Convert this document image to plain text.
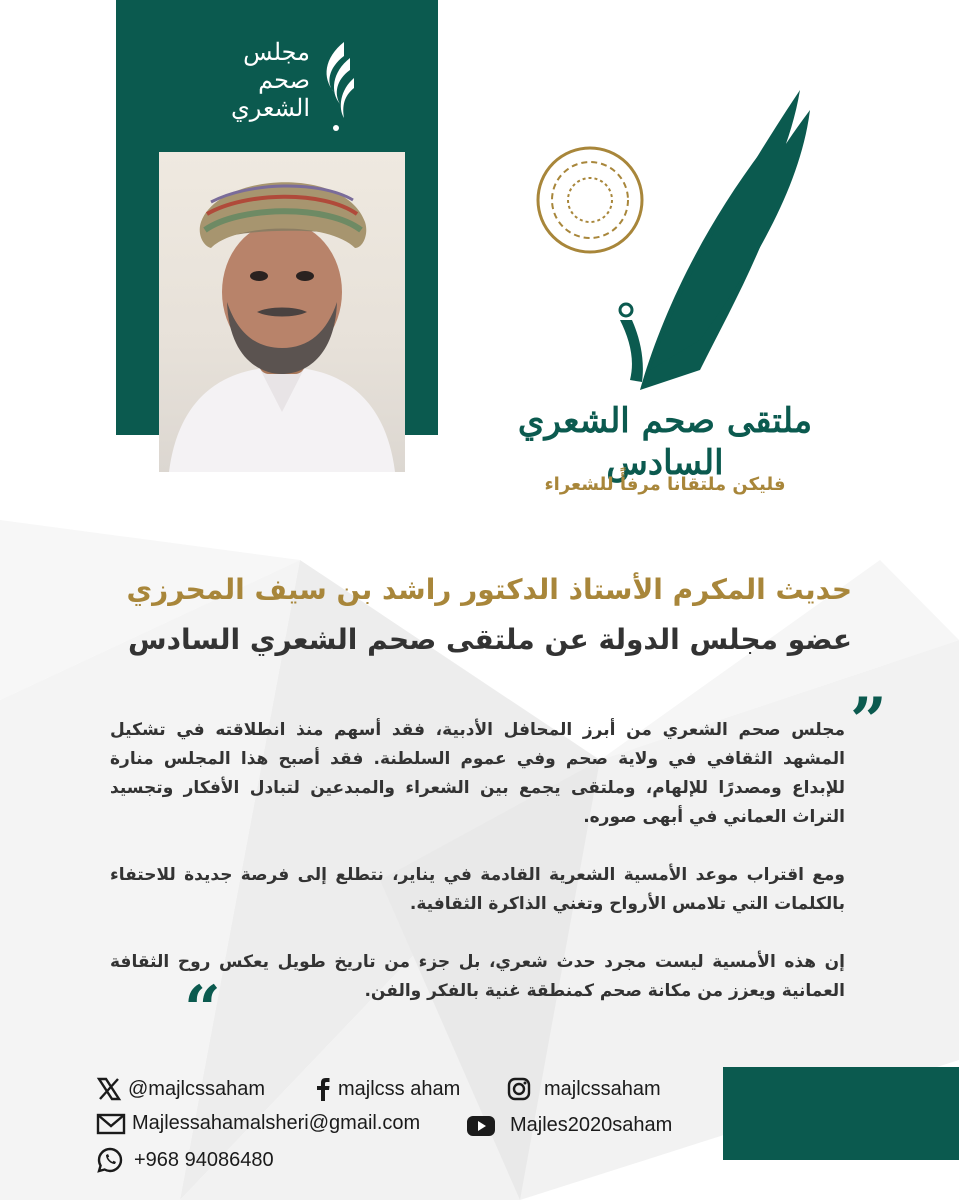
مجلس
صحم
الشعري
ملتقى صحم الشعري السادس
فليكن ملتقانا مرفأً للشعراء
حديث المكرم الأستاذ الدكتور راشد بن سيف المحرزي
عضو مجلس الدولة عن ملتقى صحم الشعري السادس
”

مجلس صحم الشعري من أبرز المحافل الأدبية، فقد أسهم منذ انطلاقته في تشكيل المشهد الثقافي في ولاية صحم وفي عموم السلطنة. فقد أصبح هذا المجلس منارة للإبداع ومصدرًا للإلهام، وملتقى يجمع بين الشعراء والمبدعين لتبادل الأفكار وتجسيد التراث العماني في أبهى صوره.

ومع اقتراب موعد الأمسية الشعرية القادمة في يناير، نتطلع إلى فرصة جديدة للاحتفاء بالكلمات التي تلامس الأرواح وتغني الذاكرة الثقافية.

إن هذه الأمسية ليست مجرد حدث شعري، بل جزء من تاريخ طويل يعكس روح الثقافة العمانية ويعزز من مكانة صحم كمنطقة غنية بالفكر والفن.

“
@majlcssaham	majlcss aham	majlcssaham
Majlessahamalsheri@gmail.com	Majles2020saham
+968 94086480
